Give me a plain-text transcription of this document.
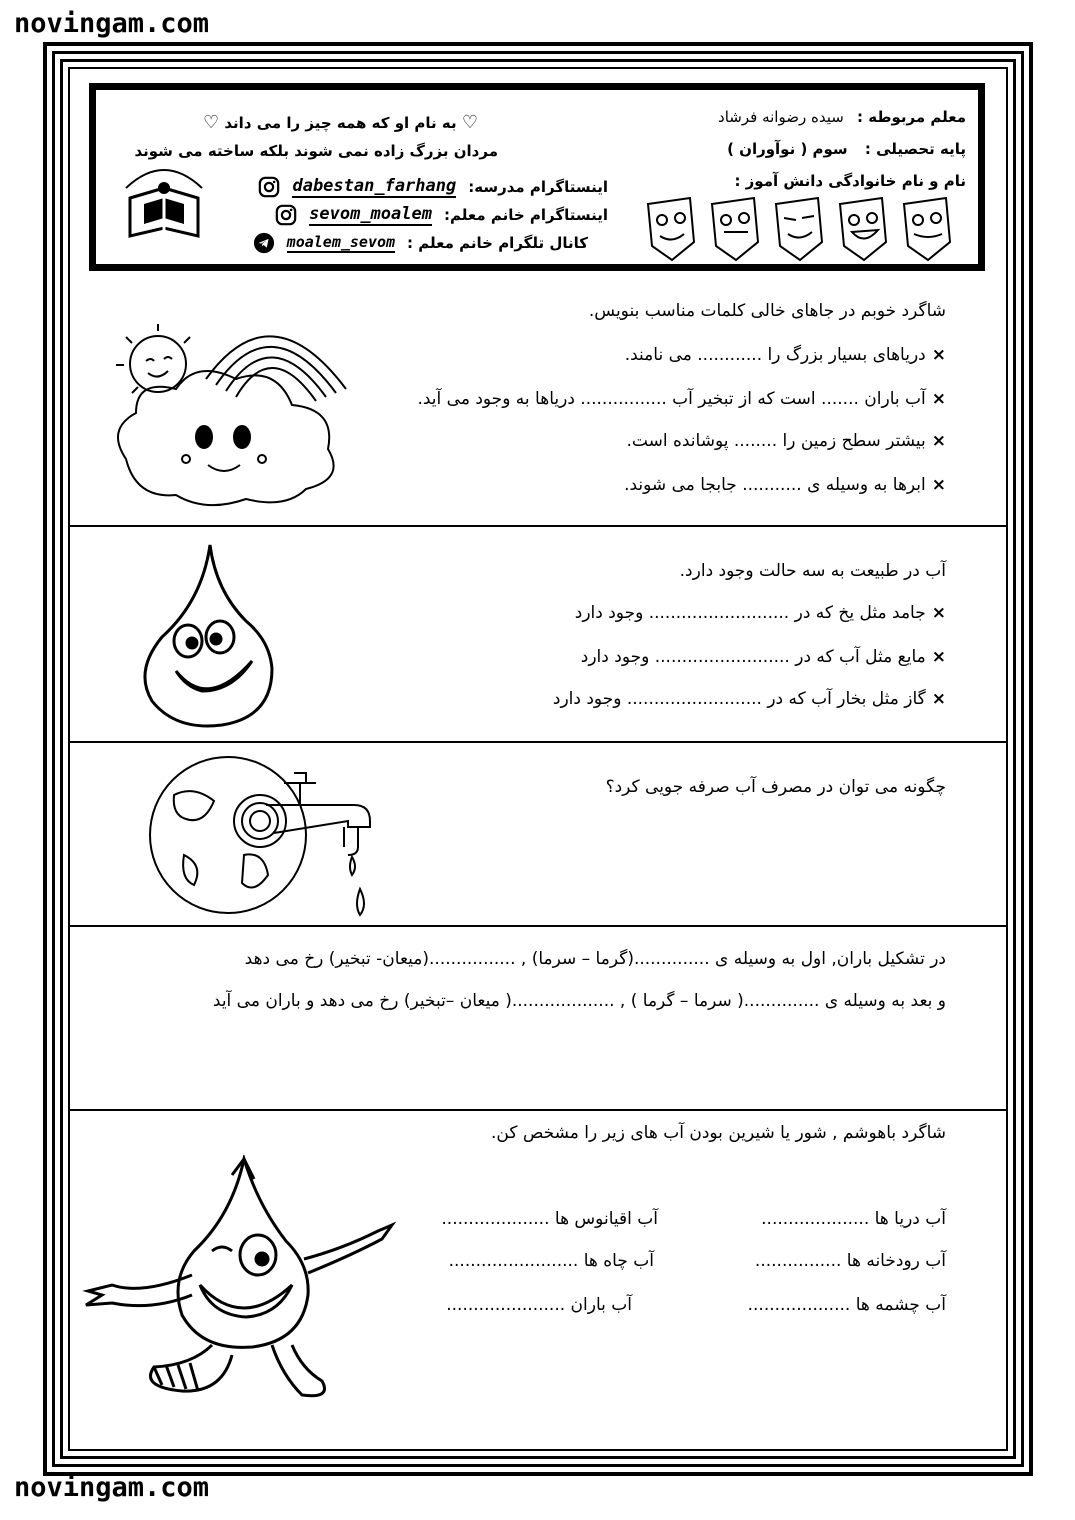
novingam.com
♡ به نام او که همه چیز را می داند ♡
مردان بزرگ زاده نمی شوند بلکه ساخته می شوند
معلم مربوطه : سیده رضوانه فرشاد
پایه تحصیلی : سوم ( نوآوران )
نام و نام خانوادگی دانش آموز :
اینستاگرام مدرسه:
dabestan_farhang
اینستاگرام خانم معلم:
sevom_moalem
کانال تلگرام خانم معلم :
moalem_sevom
شاگرد خوبم در جاهای خالی کلمات مناسب بنویس.
×دریاهای بسیار بزرگ را ............ می نامند.
×آب باران ....... است که از تبخیر آب ................ دریاها به وجود می آید.
×بیشتر سطح زمین را ........ پوشانده است.
×ابرها به وسیله ی ........... جابجا می شوند.
آب در طبیعت به سه حالت وجود دارد.
×جامد مثل یخ که در .......................... وجود دارد
×مایع مثل آب که در ......................... وجود دارد
×گاز مثل بخار آب که در ......................... وجود دارد
چگونه می توان در مصرف آب صرفه جویی کرد؟
در تشکیل باران, اول به وسیله ی ..............(گرما – سرما) , ................(میعان- تبخیر) رخ می دهد
و بعد به وسیله ی ..............( سرما – گرما ) , ...................( میعان –تبخیر) رخ می دهد و باران می آید
شاگرد باهوشم , شور یا شیرین بودن آب های زیر را مشخص کن.
آب دریا ها ....................
آب رودخانه ها ................
آب چشمه ها ...................
آب اقیانوس ها ....................
آب چاه ها ........................
آب باران ......................
novingam.com
